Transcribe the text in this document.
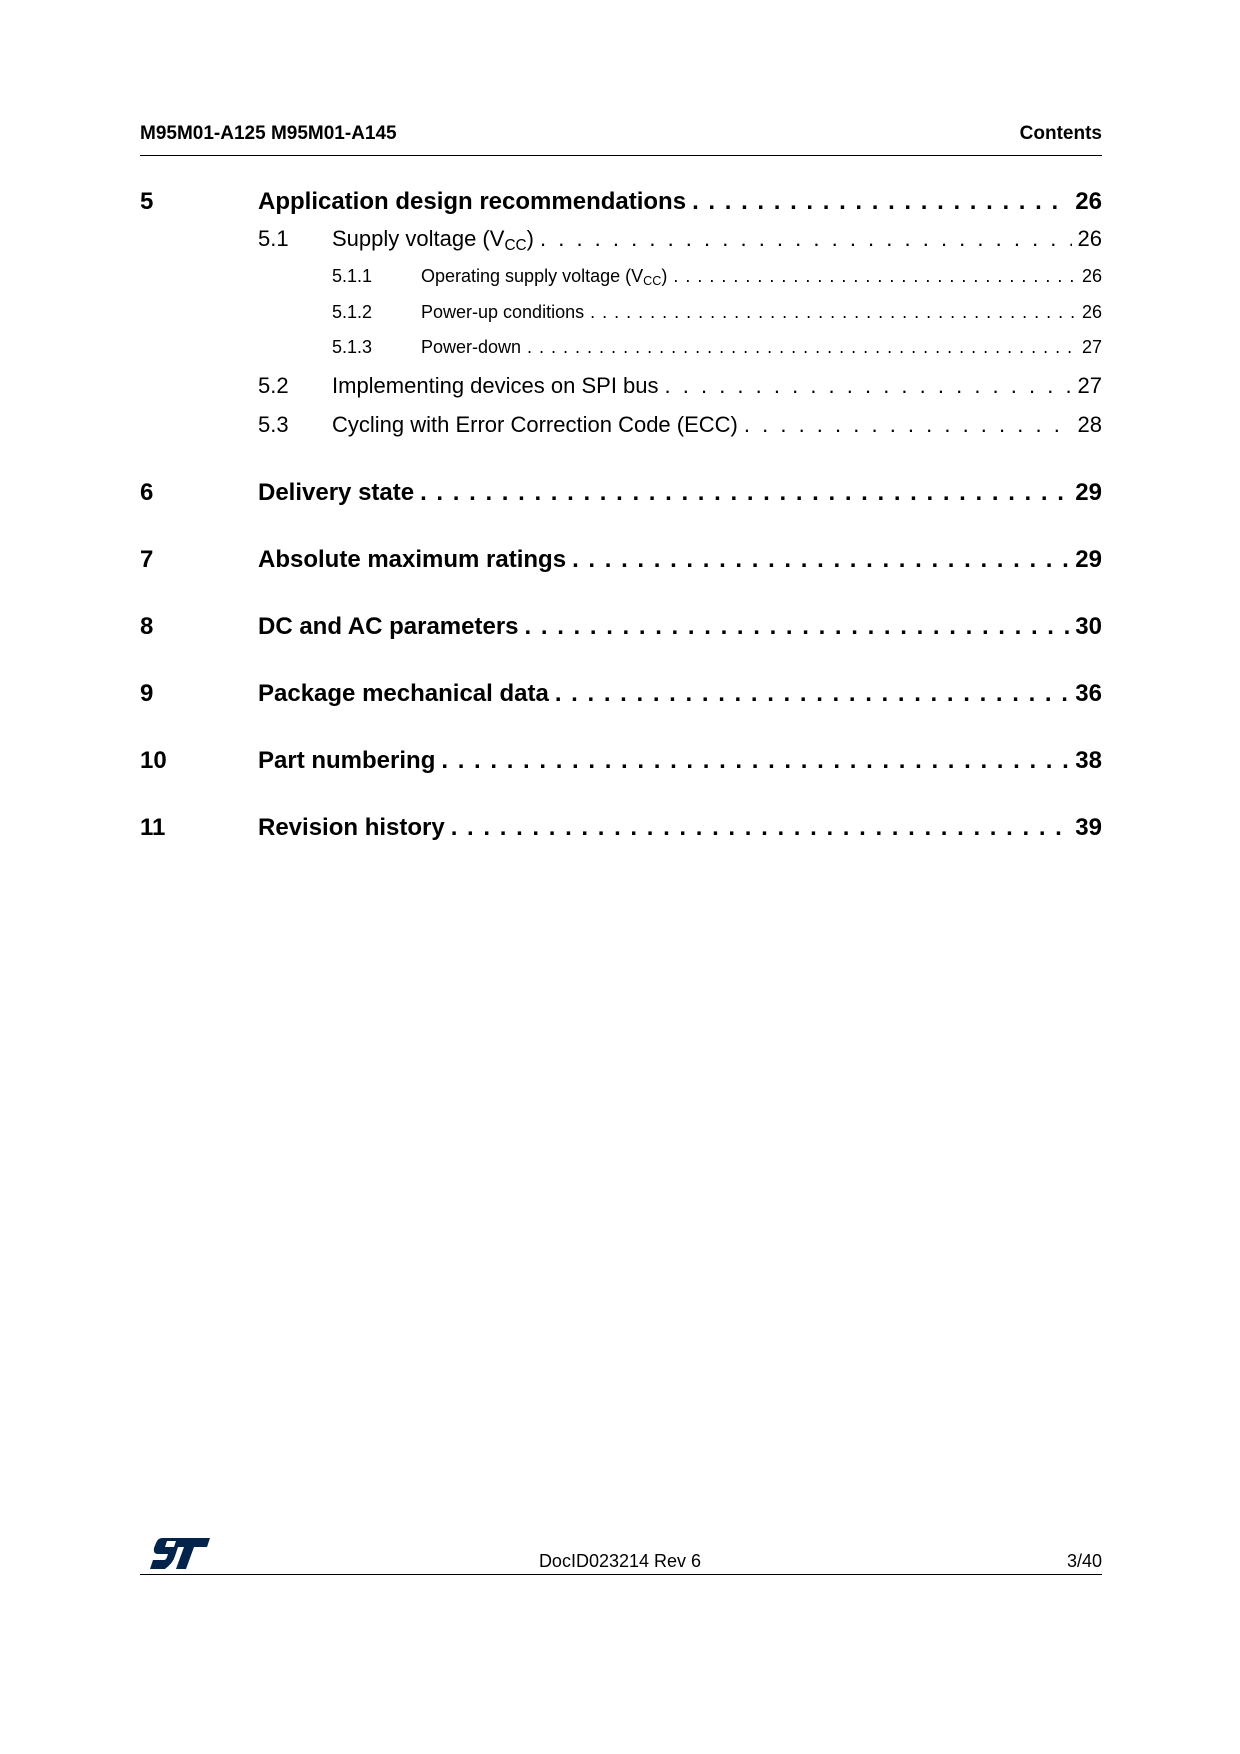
M95M01-A125 M95M01-A145	Contents
5	Application design recommendations . . .	26
5.1	Supply voltage $(V_{CC})$ . . .	26
5.1.1	Operating supply voltage $(V_{CC})$ . . .	26
5.1.2	Power-up conditions . . .	26
5.1.3	Power-down . . .	27
5.2	Implementing devices on SPI bus . . .	27
5.3	Cycling with Error Correction Code (ECC) . . .	28
6	Delivery state . . .	29
7	Absolute maximum ratings . . .	29
8	DC and AC parameters . . .	30
9	Package mechanical data . . .	36
10	Part numbering . . .	38
11	Revision history . . .	39
DocID023214 Rev 6	3/40
